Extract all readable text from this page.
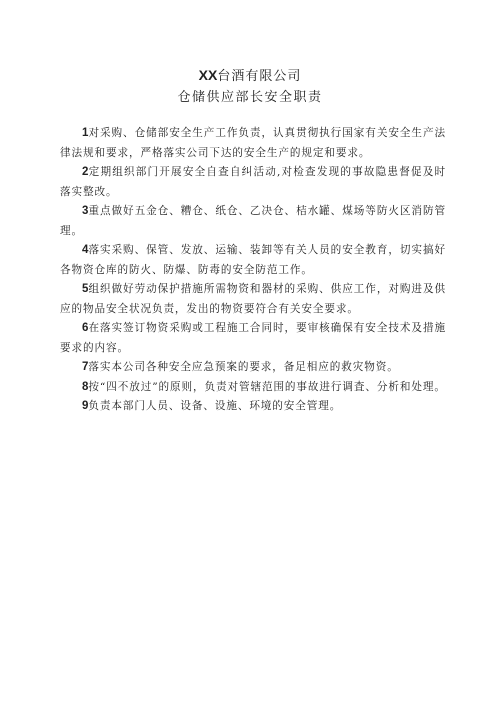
XX台酒有限公司
仓储供应部长安全职责

1对采购、仓储部安全生产工作负责，认真贯彻执行国家有关安全生产法律法规和要求，严格落实公司下达的安全生产的规定和要求。

2定期组织部门开展安全自查自纠活动,对检查发现的事故隐患督促及时落实整改。

3重点做好五金仓、糟仓、纸仓、乙决仓、桔水罐、煤场等防火区消防管理。

4落实采购、保管、发放、运输、装卸等有关人员的安全教育，切实搞好各物资仓库的防火、防爆、防毒的安全防范工作。

5组织做好劳动保护措施所需物资和器材的采购、供应工作，对购进及供应的物品安全状况负责，发出的物资要符合有关安全要求。

6在落实签订物资采购或工程施工合同时，要审核确保有安全技术及措施要求的内容。

7落实本公司各种安全应急预案的要求，备足相应的救灾物资。

8按“四不放过”的原则，负责对管辖范围的事故进行调査、分析和处理。

9负责本部门人员、设备、设施、环境的安全管理。
